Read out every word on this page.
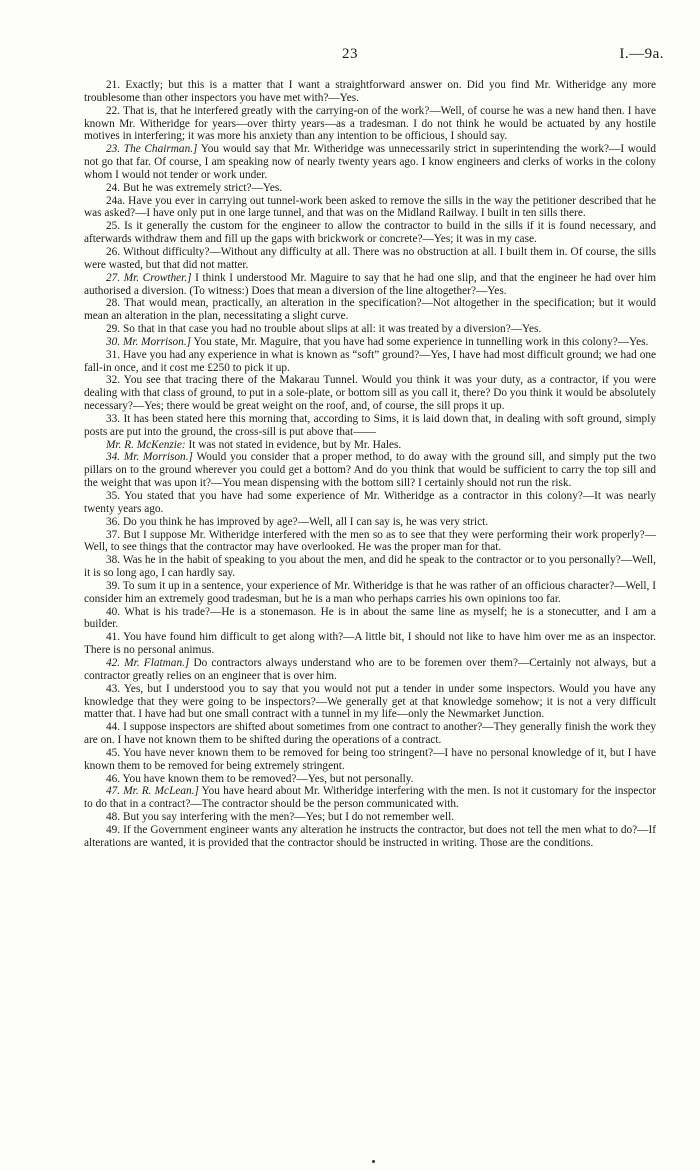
23	I.—9a.

21. Exactly; but this is a matter that I want a straightforward answer on. Did you find Mr. Witheridge any more troublesome than other inspectors you have met with?—Yes.

22. That is, that he interfered greatly with the carrying-on of the work?—Well, of course he was a new hand then. I have known Mr. Witheridge for years—over thirty years—as a tradesman. I do not think he would be actuated by any hostile motives in interfering; it was more his anxiety than any intention to be officious, I should say.

23. The Chairman.] You would say that Mr. Witheridge was unnecessarily strict in superintending the work?—I would not go that far. Of course, I am speaking now of nearly twenty years ago. I know engineers and clerks of works in the colony whom I would not tender or work under.

24. But he was extremely strict?—Yes.

24a. Have you ever in carrying out tunnel-work been asked to remove the sills in the way the petitioner described that he was asked?—I have only put in one large tunnel, and that was on the Midland Railway. I built in ten sills there.

25. Is it generally the custom for the engineer to allow the contractor to build in the sills if it is found necessary, and afterwards withdraw them and fill up the gaps with brickwork or concrete?—Yes; it was in my case.

26. Without difficulty?—Without any difficulty at all. There was no obstruction at all. I built them in. Of course, the sills were wasted, but that did not matter.

27. Mr. Crowther.] I think I understood Mr. Maguire to say that he had one slip, and that the engineer he had over him authorised a diversion. (To witness:) Does that mean a diversion of the line altogether?—Yes.

28. That would mean, practically, an alteration in the specification?—Not altogether in the specification; but it would mean an alteration in the plan, necessitating a slight curve.

29. So that in that case you had no trouble about slips at all: it was treated by a diversion?—Yes.

30. Mr. Morrison.] You state, Mr. Maguire, that you have had some experience in tunnelling work in this colony?—Yes.

31. Have you had any experience in what is known as “soft” ground?—Yes, I have had most difficult ground; we had one fall-in once, and it cost me £250 to pick it up.

32. You see that tracing there of the Makarau Tunnel. Would you think it was your duty, as a contractor, if you were dealing with that class of ground, to put in a sole-plate, or bottom sill as you call it, there? Do you think it would be absolutely necessary?—Yes; there would be great weight on the roof, and, of course, the sill props it up.

33. It has been stated here this morning that, according to Sims, it is laid down that, in dealing with soft ground, simply posts are put into the ground, the cross-sill is put above that——

Mr. R. McKenzie: It was not stated in evidence, but by Mr. Hales.

34. Mr. Morrison.] Would you consider that a proper method, to do away with the ground sill, and simply put the two pillars on to the ground wherever you could get a bottom? And do you think that would be sufficient to carry the top sill and the weight that was upon it?—You mean dispensing with the bottom sill? I certainly should not run the risk.

35. You stated that you have had some experience of Mr. Witheridge as a contractor in this colony?—It was nearly twenty years ago.

36. Do you think he has improved by age?—Well, all I can say is, he was very strict.

37. But I suppose Mr. Witheridge interfered with the men so as to see that they were performing their work properly?—Well, to see things that the contractor may have overlooked. He was the proper man for that.

38. Was he in the habit of speaking to you about the men, and did he speak to the contractor or to you personally?—Well, it is so long ago, I can hardly say.

39. To sum it up in a sentence, your experience of Mr. Witheridge is that he was rather of an officious character?—Well, I consider him an extremely good tradesman, but he is a man who perhaps carries his own opinions too far.

40. What is his trade?—He is a stonemason. He is in about the same line as myself; he is a stonecutter, and I am a builder.

41. You have found him difficult to get along with?—A little bit, I should not like to have him over me as an inspector. There is no personal animus.

42. Mr. Flatman.] Do contractors always understand who are to be foremen over them?—Certainly not always, but a contractor greatly relies on an engineer that is over him.

43. Yes, but I understood you to say that you would not put a tender in under some inspectors. Would you have any knowledge that they were going to be inspectors?—We generally get at that knowledge somehow; it is not a very difficult matter that. I have had but one small contract with a tunnel in my life—only the Newmarket Junction.

44. I suppose inspectors are shifted about sometimes from one contract to another?—They generally finish the work they are on. I have not known them to be shifted during the operations of a contract.

45. You have never known them to be removed for being too stringent?—I have no personal knowledge of it, but I have known them to be removed for being extremely stringent.

46. You have known them to be removed?—Yes, but not personally.

47. Mr. R. McLean.] You have heard about Mr. Witheridge interfering with the men. Is not it customary for the inspector to do that in a contract?—The contractor should be the person communicated with.

48. But you say interfering with the men?—Yes; but I do not remember well.

49. If the Government engineer wants any alteration he instructs the contractor, but does not tell the men what to do?—If alterations are wanted, it is provided that the contractor should be instructed in writing. Those are the conditions.
